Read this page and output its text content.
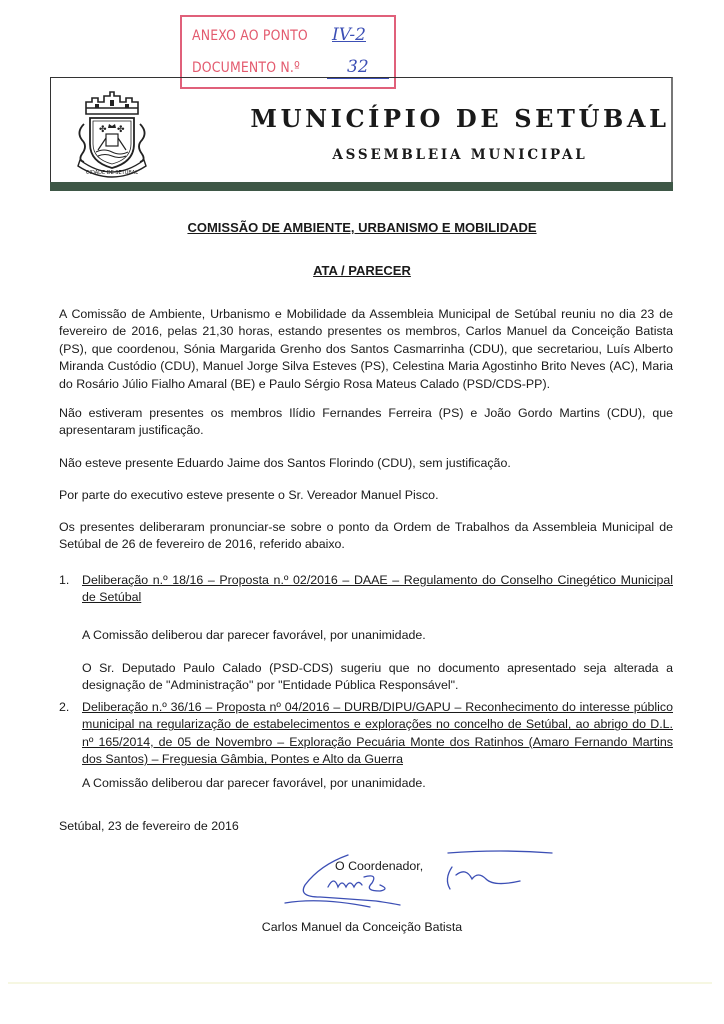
ANEXO AO PONTO IV-2
DOCUMENTO N.º	32
✤ ✤
CIDADE DE SETÚBAL
MUNICÍPIO DE SETÚBAL
ASSEMBLEIA MUNICIPAL
COMISSÃO DE AMBIENTE, URBANISMO E MOBILIDADE
ATA / PARECER
A Comissão de Ambiente, Urbanismo e Mobilidade da Assembleia Municipal de Setúbal reuniu no dia 23 de fevereiro de 2016, pelas 21,30 horas, estando presentes os membros, Carlos Manuel da Conceição Batista (PS), que coordenou, Sónia Margarida Grenho dos Santos Casmarrinha (CDU), que secretariou, Luís Alberto Miranda Custódio (CDU), Manuel Jorge Silva Esteves (PS), Celestina Maria Agostinho Brito Neves (AC), Maria do Rosário Júlio Fialho Amaral (BE) e Paulo Sérgio Rosa Mateus Calado (PSD/CDS-PP).
Não estiveram presentes os membros Ilídio Fernandes Ferreira (PS) e João Gordo Martins (CDU), que apresentaram justificação.
Não esteve presente Eduardo Jaime dos Santos Florindo (CDU), sem justificação.
Por parte do executivo esteve presente o Sr. Vereador Manuel Pisco.
Os presentes deliberaram pronunciar-se sobre o ponto da Ordem de Trabalhos da Assembleia Municipal de Setúbal de 26 de fevereiro de 2016, referido abaixo.
1. Deliberação n.º 18/16 – Proposta n.º 02/2016 – DAAE – Regulamento do Conselho Cinegético Municipal de Setúbal
A Comissão deliberou dar parecer favorável, por unanimidade.
O Sr. Deputado Paulo Calado (PSD-CDS) sugeriu que no documento apresentado seja alterada a designação de "Administração" por "Entidade Pública Responsável".
2. Deliberação n.º 36/16 – Proposta nº 04/2016 – DURB/DIPU/GAPU – Reconhecimento do interesse público municipal na regularização de estabelecimentos e explorações no concelho de Setúbal, ao abrigo do D.L. nº 165/2014, de 05 de Novembro – Exploração Pecuária Monte dos Ratinhos (Amaro Fernando Martins dos Santos) – Freguesia Gâmbia, Pontes e Alto da Guerra
A Comissão deliberou dar parecer favorável, por unanimidade.
Setúbal, 23 de fevereiro de 2016
O Coordenador,
Carlos Manuel da Conceição Batista
